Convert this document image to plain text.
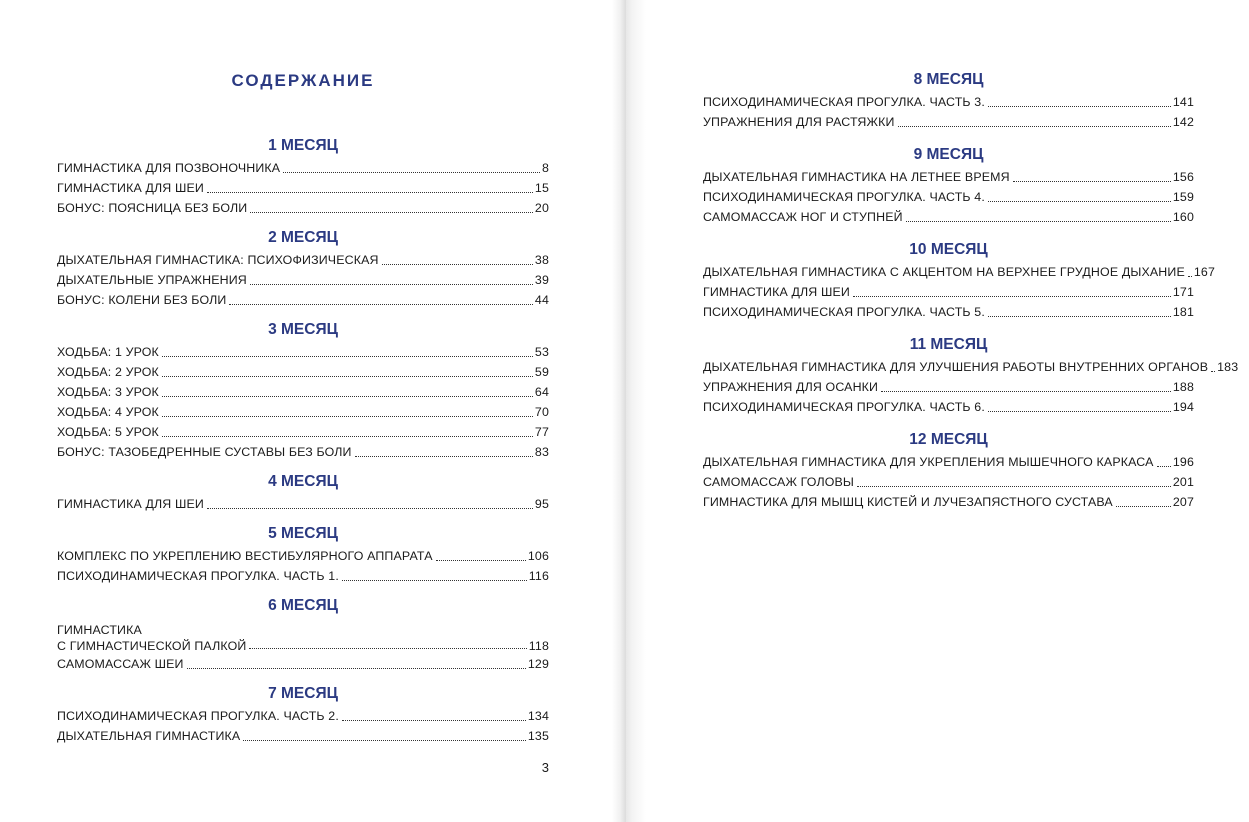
СОДЕРЖАНИЕ
1 МЕСЯЦ
ГИМНАСТИКА ДЛЯ ПОЗВОНОЧНИКА	8
ГИМНАСТИКА ДЛЯ ШЕИ	15
БОНУС: ПОЯСНИЦА БЕЗ БОЛИ	20
2 МЕСЯЦ
ДЫХАТЕЛЬНАЯ ГИМНАСТИКА: ПСИХОФИЗИЧЕСКАЯ	38
ДЫХАТЕЛЬНЫЕ УПРАЖНЕНИЯ	39
БОНУС: КОЛЕНИ БЕЗ БОЛИ	44
3 МЕСЯЦ
ХОДЬБА: 1 УРОК	53
ХОДЬБА: 2 УРОК	59
ХОДЬБА: 3 УРОК	64
ХОДЬБА: 4 УРОК	70
ХОДЬБА: 5 УРОК	77
БОНУС: ТАЗОБЕДРЕННЫЕ СУСТАВЫ БЕЗ БОЛИ	83
4 МЕСЯЦ
ГИМНАСТИКА ДЛЯ ШЕИ	95
5 МЕСЯЦ
КОМПЛЕКС ПО УКРЕПЛЕНИЮ ВЕСТИБУЛЯРНОГО АППАРАТА	106
ПСИХОДИНАМИЧЕСКАЯ ПРОГУЛКА. ЧАСТЬ 1.	116
6 МЕСЯЦ
ГИМНАСТИКА
С ГИМНАСТИЧЕСКОЙ ПАЛКОЙ	118
САМОМАССАЖ ШЕИ	129
7 МЕСЯЦ
ПСИХОДИНАМИЧЕСКАЯ ПРОГУЛКА. ЧАСТЬ 2.	134
ДЫХАТЕЛЬНАЯ ГИМНАСТИКА	135
8 МЕСЯЦ
ПСИХОДИНАМИЧЕСКАЯ ПРОГУЛКА. ЧАСТЬ 3.	141
УПРАЖНЕНИЯ ДЛЯ РАСТЯЖКИ	142
9 МЕСЯЦ
ДЫХАТЕЛЬНАЯ ГИМНАСТИКА НА ЛЕТНЕЕ ВРЕМЯ	156
ПСИХОДИНАМИЧЕСКАЯ ПРОГУЛКА. ЧАСТЬ 4.	159
САМОМАССАЖ НОГ И СТУПНЕЙ	160
10 МЕСЯЦ
ДЫХАТЕЛЬНАЯ ГИМНАСТИКА С АКЦЕНТОМ НА ВЕРХНЕЕ ГРУДНОЕ ДЫХАНИЕ 167
ГИМНАСТИКА ДЛЯ ШЕИ	171
ПСИХОДИНАМИЧЕСКАЯ ПРОГУЛКА. ЧАСТЬ 5.	181
11 МЕСЯЦ
ДЫХАТЕЛЬНАЯ ГИМНАСТИКА ДЛЯ УЛУЧШЕНИЯ РАБОТЫ ВНУТРЕННИХ ОРГАНОВ 183
УПРАЖНЕНИЯ ДЛЯ ОСАНКИ	188
ПСИХОДИНАМИЧЕСКАЯ ПРОГУЛКА. ЧАСТЬ 6.	194
12 МЕСЯЦ
ДЫХАТЕЛЬНАЯ ГИМНАСТИКА ДЛЯ УКРЕПЛЕНИЯ МЫШЕЧНОГО КАРКАСА 196
САМОМАССАЖ ГОЛОВЫ	201
ГИМНАСТИКА ДЛЯ МЫШЦ КИСТЕЙ И ЛУЧЕЗАПЯСТНОГО СУСТАВА	207
3
